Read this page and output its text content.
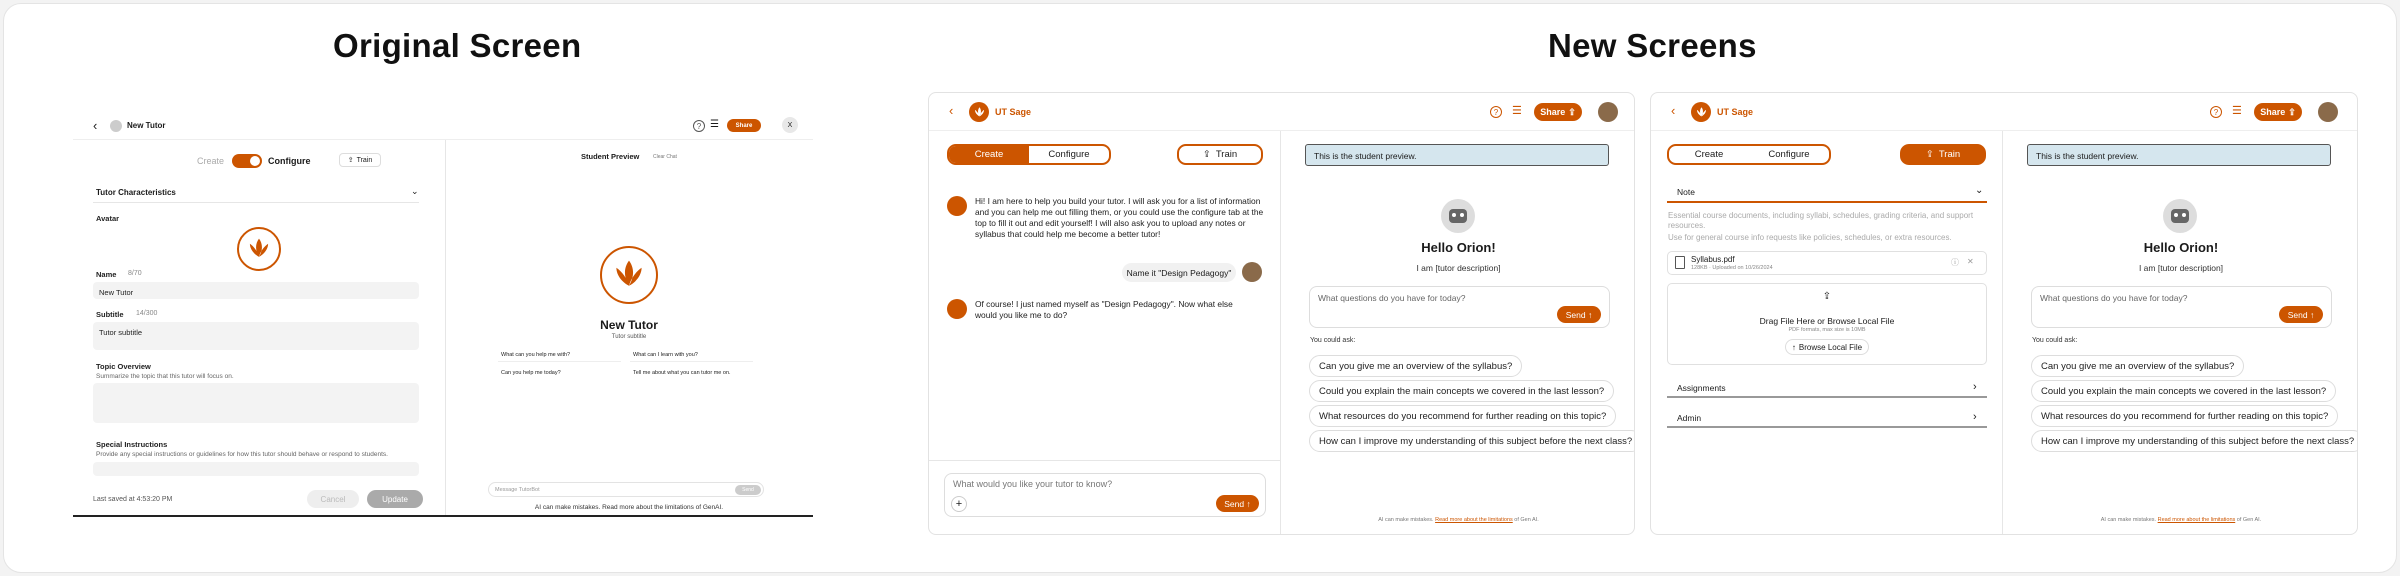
Original Screen	New Screens
‹	New Tutor	? ☰	Share	X
Create	Configure	⇪ Train
Tutor Characteristics	⌄
Avatar
Name 8/70
New Tutor
Subtitle 14/300
Tutor subtitle
Topic Overview
Summarize the topic that this tutor will focus on.
Special Instructions
Provide any special instructions or guidelines for how this tutor should behave or respond to students.
Last saved at 4:53:20 PM	Cancel	Update
Student Preview	Clear Chat
New Tutor
Tutor subtitle
What can you help me with?	What can I learn with you?
Can you help me today?	Tell me about what you can tutor me on.
Message TutorBot	Send
AI can make mistakes. Read more about the limitations of GenAI.
‹	UT Sage	?	☰ Share ⇪
Create	Configure	⇪ Train
Hi! I am here to help you build your tutor. I will ask you for a list of information and you can help me out filling them, or you could use the configure tab at the top to fill it out and edit yourself! I will also ask you to upload any notes or syllabus that could help me become a better tutor!
Name it "Design Pedagogy"
Of course! I just named myself as "Design Pedagogy". Now what else would you like me to do?
What would you like your tutor to know?
+	Send ↑
This is the student preview.
Hello Orion!
I am [tutor description]
What questions do you have for today?
Send ↑
You could ask:
Can you give me an overview of the syllabus?
Could you explain the main concepts we covered in the last lesson?
What resources do you recommend for further reading on this topic?
How can I improve my understanding of this subject before the next class?
AI can make mistakes. Read more about the limitations of Gen AI.
‹	UT Sage	?	☰ Share ⇪
Create	Configure	⇪ Train
Note	⌄
Essential course documents, including syllabi, schedules, grading criteria, and support resources.
Use for general course info requests like policies, schedules, or extra resources.
Syllabus.pdf
128KB · Uploaded on 10/26/2024
ⓘ ✕
⇪
Drag File Here or Browse Local File
PDF formats, max size is 10MB
↑ Browse Local File
Assignments	›
Admin	›
This is the student preview.
Hello Orion!
I am [tutor description]
What questions do you have for today?
Send ↑
You could ask:
Can you give me an overview of the syllabus?
Could you explain the main concepts we covered in the last lesson?
What resources do you recommend for further reading on this topic?
How can I improve my understanding of this subject before the next class?
AI can make mistakes. Read more about the limitations of Gen AI.
